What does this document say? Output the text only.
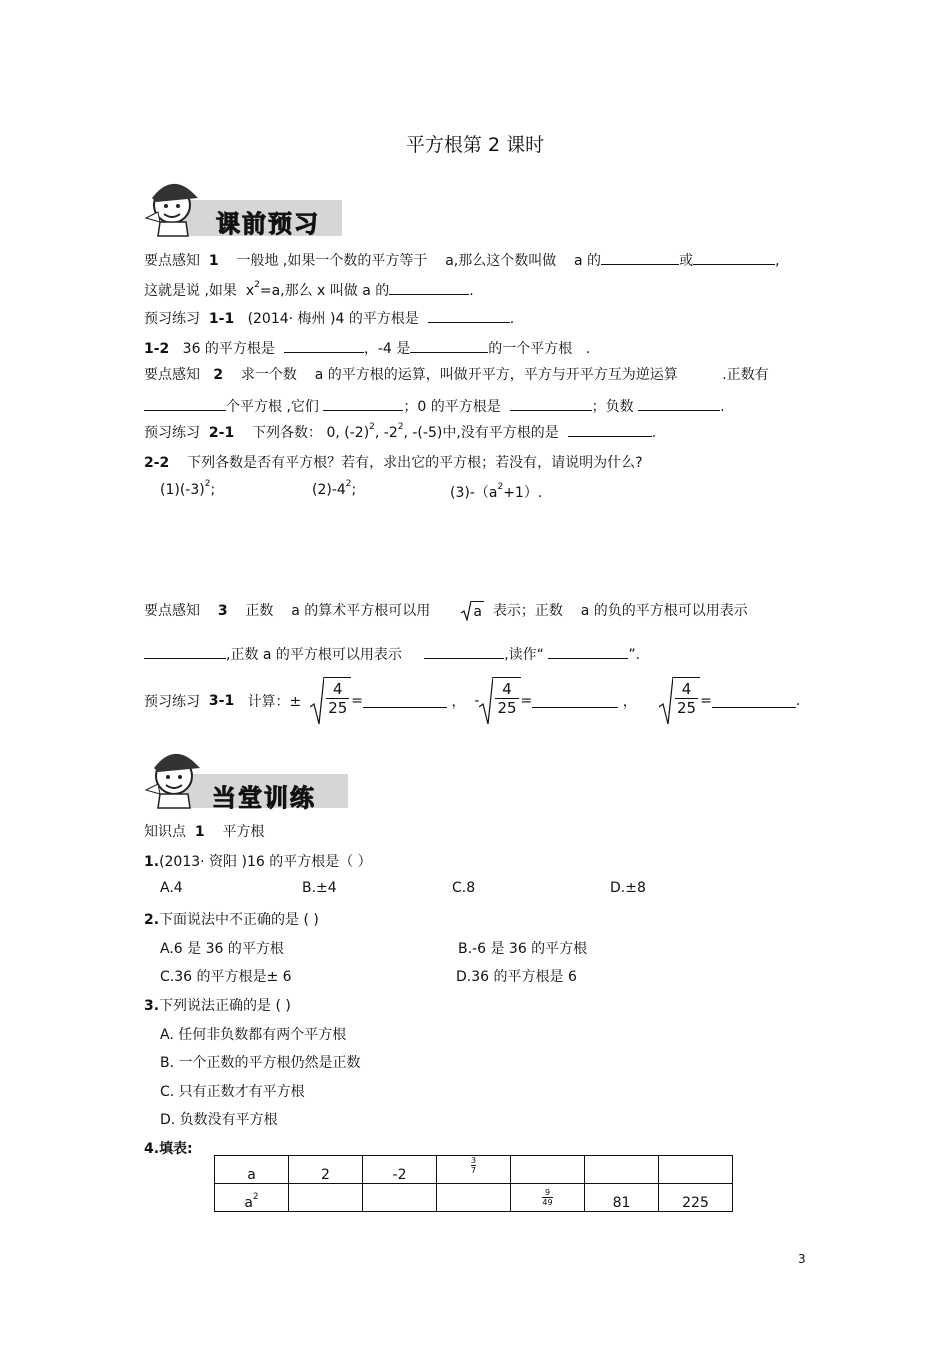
平方根第 2 课时
课前预习
要点感知 1 一般地 ,如果一个数的平方等于 a,那么这个数叫做 a 的	或	,
这就是说 ,如果 $x^2=a$,那么 x 叫做 a 的	.
预习练习 1-1 (2014· 梅州 )4 的平方根是	.
1-2 36 的平方根是	，-4 是	的一个平方根 .
要点感知 2 求一个数 a 的平方根的运算，叫做开平方，平方与开平方互为逆运算	.正数有
个平方根 ,它们	；0 的平方根是	；负数	.
预习练习 2-1 下列各数： 0, $(-2)^2$, $-2^2$, -(-5)中,没有平方根的是	.
2-2 下列各数是否有平方根？若有，求出它的平方根；若没有，请说明为什么?
$(1)(-3)^2$;	$(2)-4^2$;	$(3)-(a^2+1)$.
要点感知 3 正数 a 的算术平方根可以用	a 表示；正数 a 的负的平方根可以用表示
,正数 a 的平方根可以用表示	,读作“	”.
预习练习
3-1
计算：±
$\frac{4}{25}$ =
	，
- $\frac{4}{25}$ =
	，
	$\frac{4}{25}$ =	.
当堂训练
知识点 1 平方根
1.(2013· 资阳 )16 的平方根是（ ）
A.4	B.±4	C.8	D.±8
2.下面说法中不正确的是 ( )
A.6 是 36 的平方根	B.-6 是 36 的平方根
C.36 的平方根是± 6	D.36 的平方根是 6
3.下列说法正确的是 ( )
A. 任何非负数都有两个平方根
B. 一个正数的平方根仍然是正数
C. 只有正数才有平方根
D. 负数没有平方根
4.填表:
a	2	-2	$\frac{3}{7}$

$a^2$				$\frac{9}{49}$	81	225
3
